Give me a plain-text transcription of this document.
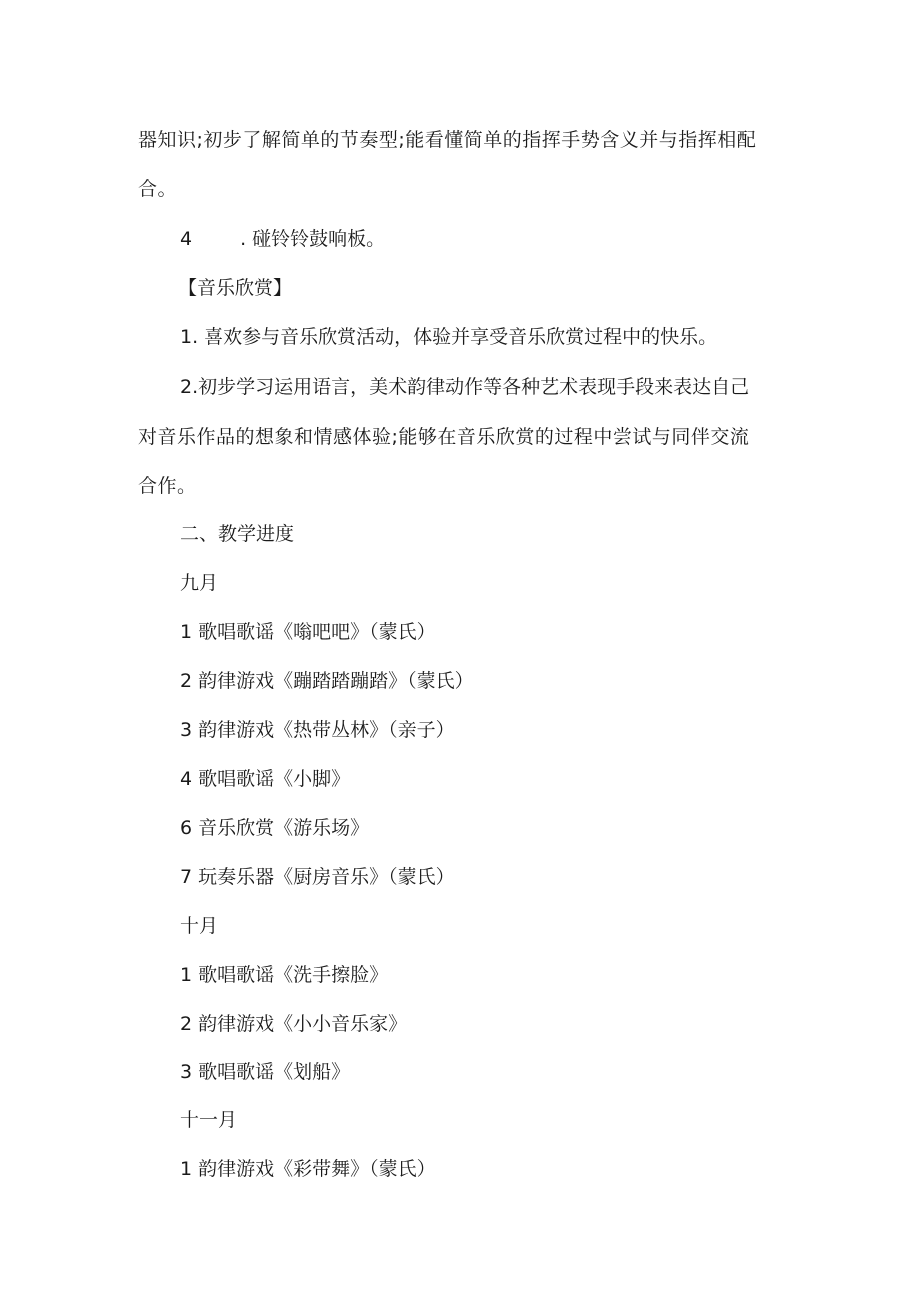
器知识;初步了解简单的节奏型;能看懂简单的指挥手势含义并与指挥相配
合。
4	. 碰铃铃鼓响板。
【音乐欣赏】
1. 喜欢参与音乐欣赏活动，体验并享受音乐欣赏过程中的快乐。
2.初步学习运用语言，美术韵律动作等各种艺术表现手段来表达自己
对音乐作品的想象和情感体验;能够在音乐欣赏的过程中尝试与同伴交流
合作。
二、教学进度
九月
1 歌唱歌谣《嗡吧吧》（蒙氏）
2 韵律游戏《蹦踏踏蹦踏》（蒙氏）
3 韵律游戏《热带丛林》（亲子）
4 歌唱歌谣《小脚》
6 音乐欣赏《游乐场》
7 玩奏乐器《厨房音乐》（蒙氏）
十月
1 歌唱歌谣《洗手擦脸》
2 韵律游戏《小小音乐家》
3 歌唱歌谣《划船》
十一月
1 韵律游戏《彩带舞》（蒙氏）
